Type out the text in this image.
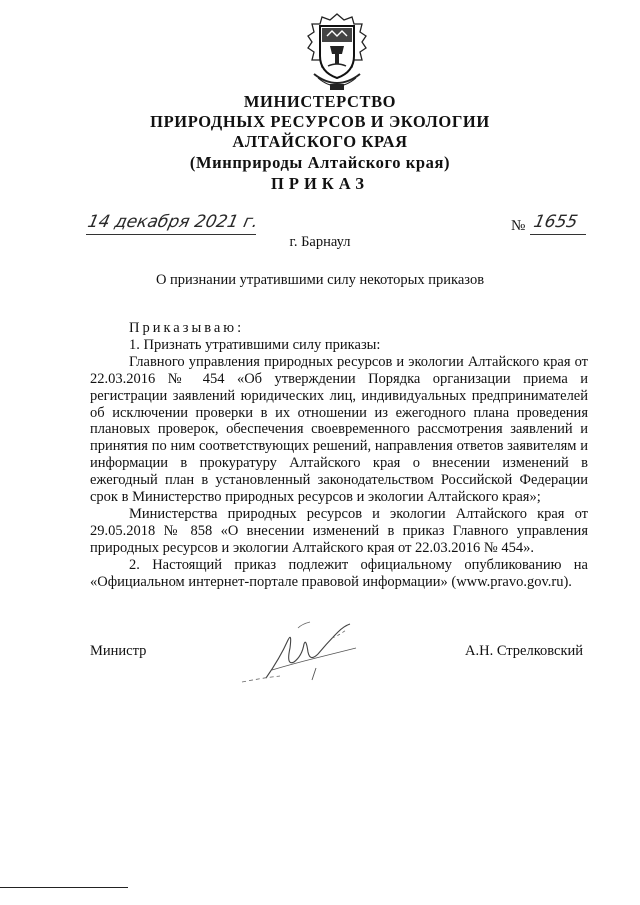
МИНИСТЕРСТВО
ПРИРОДНЫХ РЕСУРСОВ И ЭКОЛОГИИ
АЛТАЙСКОГО КРАЯ
(Минприроды Алтайского края)
ПРИКАЗ
14 декабря 2021 г.	№ 1655
г. Барнаул
О признании утратившими силу некоторых приказов

Приказываю:

1. Признать утратившими силу приказы:

Главного управления природных ресурсов и экологии Алтайского края от 22.03.2016 № 454 «Об утверждении Порядка организации приема и регистрации заявлений юридических лиц, индивидуальных предпринимателей об исключении проверки в их отношении из ежегодного плана проведения плановых проверок, обеспечения своевременного рассмотрения заявлений и принятия по ним соответствующих решений, направления ответов заявителям и информации в прокуратуру Алтайского края о внесении изменений в ежегодный план в установленный законодательством Российской Федерации срок в Министерство природных ресурсов и экологии Алтайского края»;

Министерства природных ресурсов и экологии Алтайского края от 29.05.2018 № 858 «О внесении изменений в приказ Главного управления природных ресурсов и экологии Алтайского края от 22.03.2016 № 454».

2. Настоящий приказ подлежит официальному опубликованию на «Официальном интернет-портале правовой информации» (www.pravo.gov.ru).

Министр	А.Н. Стрелковский
